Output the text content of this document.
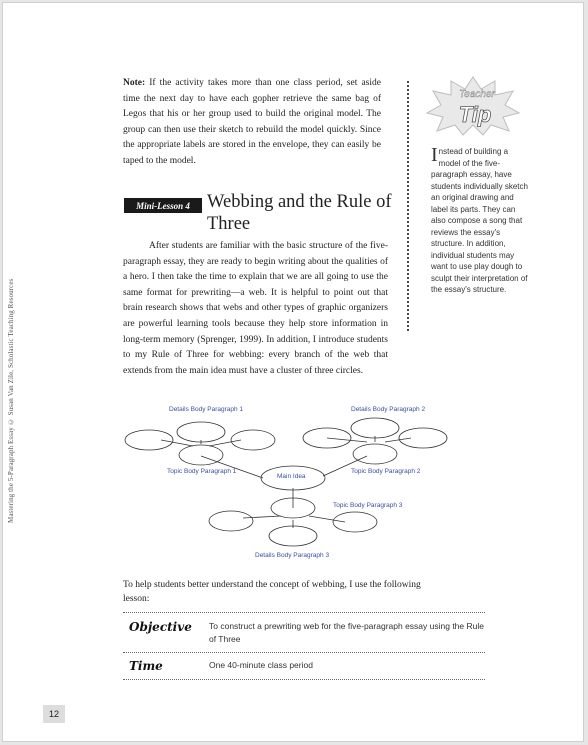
Mastering the 5-Paragraph Essay © Susan Van Zile, Scholastic Teaching Resources
Note: If the activity takes more than one class period, set aside time the next day to have each gopher retrieve the same bag of Legos that his or her group used to build the original model. The group can then use their sketch to rebuild the model quickly. Since the appropriate labels are stored in the envelope, they can easily be taped to the model.
Teacher
Tip
Instead of building a model of the five-paragraph essay, have students individually sketch an original drawing and label its parts. They can also compose a song that reviews the essay's structure. In addition, individual students may want to use play dough to sculpt their interpretation of the essay's structure.
Mini-Lesson 4 Webbing and the Rule of Three
After students are familiar with the basic structure of the five-paragraph essay, they are ready to begin writing about the qualities of a hero. I then take the time to explain that we are all going to use the same format for prewriting—a web. It is helpful to point out that brain research shows that webs and other types of graphic organizers are powerful learning tools because they help store information in long-term memory (Sprenger, 1999). In addition, I introduce students to my Rule of Three for webbing: every branch of the web that extends from the main idea must have a cluster of three circles.
Details Body Paragraph 1	Details Body Paragraph 2
Topic Body Paragraph 1	Topic Body Paragraph 2
Main Idea
Topic Body Paragraph 3
Details Body Paragraph 3
To help students better understand the concept of webbing, I use the following lesson:
Objective	To construct a prewriting web for the five-paragraph essay using the Rule of Three
Time	One 40-minute class period
12
